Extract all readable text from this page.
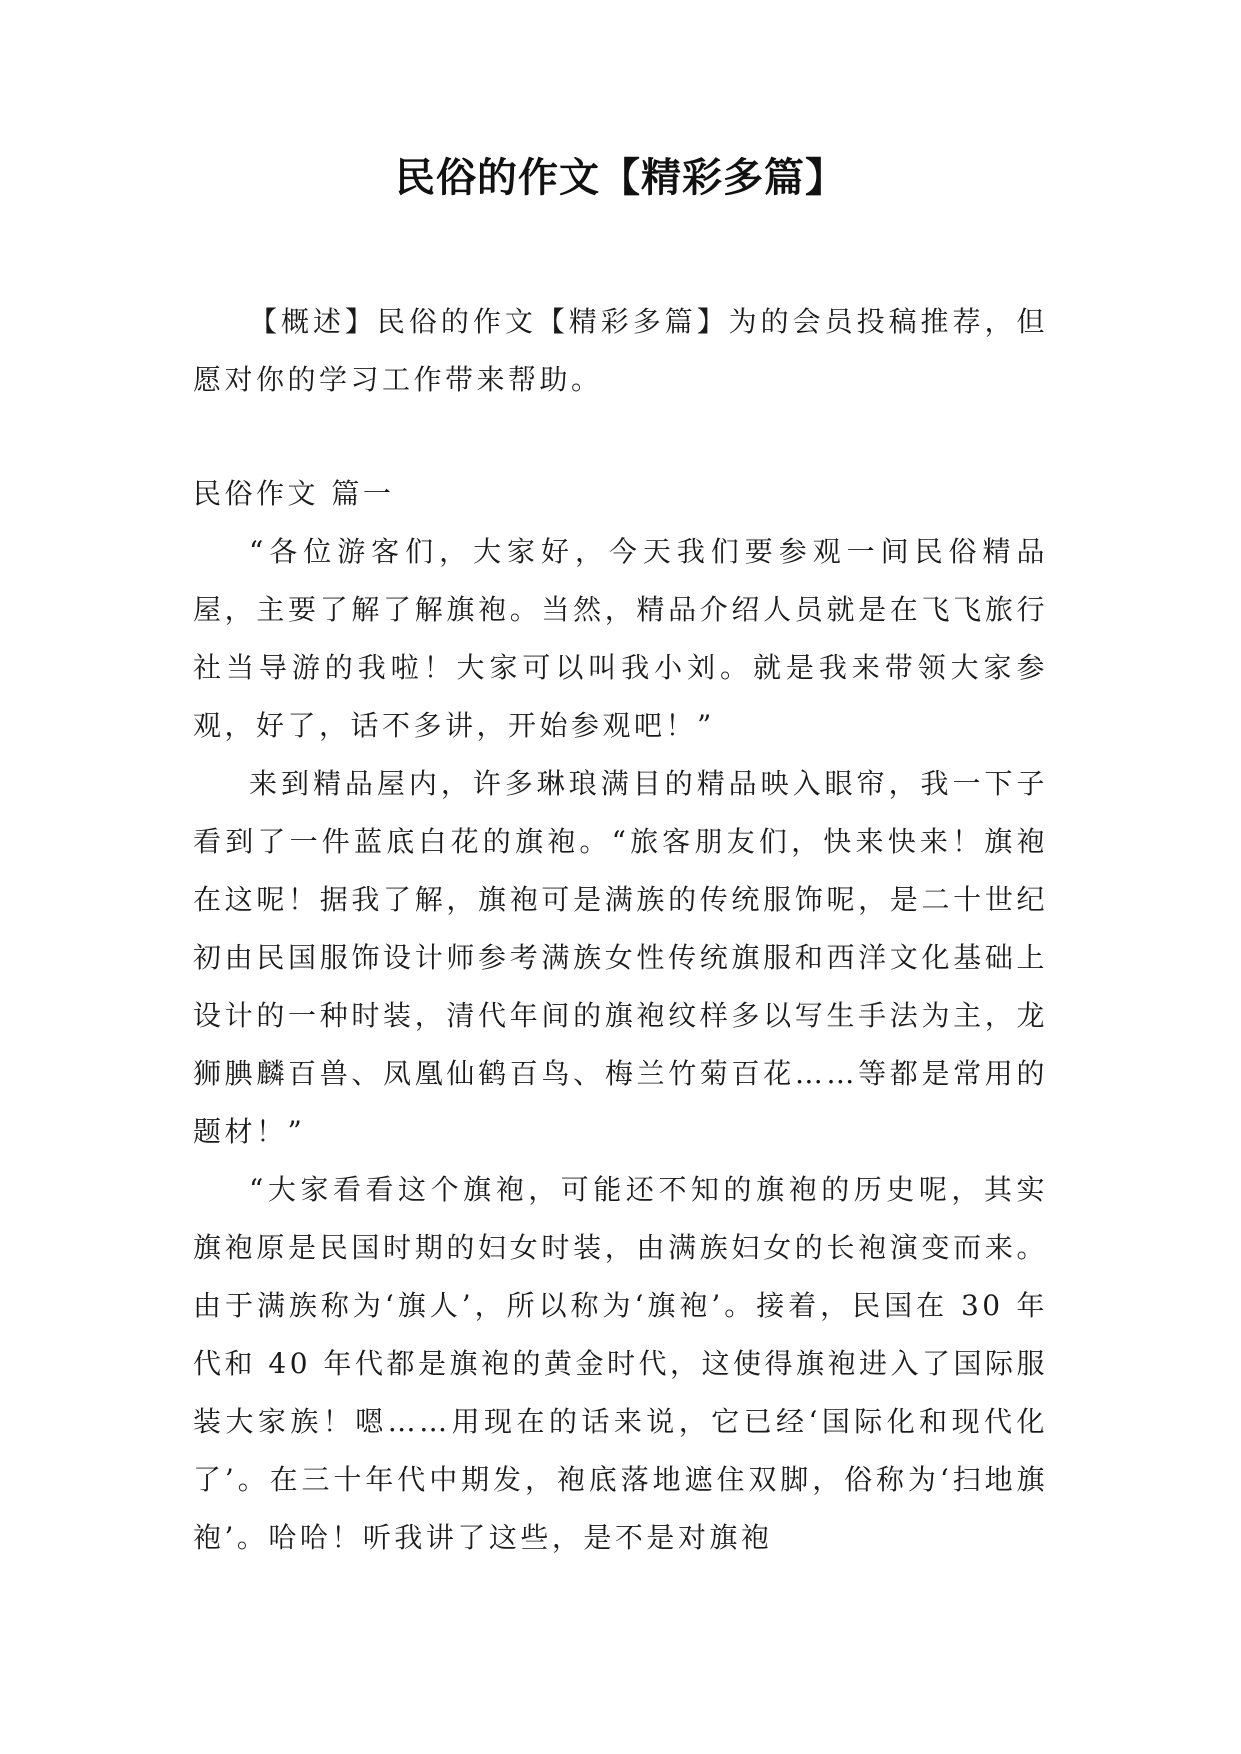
民俗的作文【精彩多篇】

【概述】民俗的作文【精彩多篇】为的会员投稿推荐，但愿对你的学习工作带来帮助。

民俗作文 篇一

“各位游客们，大家好，今天我们要参观一间民俗精品屋，主要了解了解旗袍。当然，精品介绍人员就是在飞飞旅行社当导游的我啦！大家可以叫我小刘。就是我来带领大家参观，好了，话不多讲，开始参观吧！”

来到精品屋内，许多琳琅满目的精品映入眼帘，我一下子看到了一件蓝底白花的旗袍。“旅客朋友们，快来快来！旗袍在这呢！据我了解，旗袍可是满族的传统服饰呢，是二十世纪初由民国服饰设计师参考满族女性传统旗服和西洋文化基础上设计的一种时装，清代年间的旗袍纹样多以写生手法为主，龙狮腆麟百兽、凤凰仙鹤百鸟、梅兰竹菊百花……等都是常用的题材！”

“大家看看这个旗袍，可能还不知的旗袍的历史呢，其实旗袍原是民国时期的妇女时装，由满族妇女的长袍演变而来。由于满族称为‘旗人’，所以称为‘旗袍’。接着，民国在 30 年代和 40 年代都是旗袍的黄金时代，这使得旗袍进入了国际服装大家族！嗯……用现在的话来说，它已经‘国际化和现代化了’。在三十年代中期发，袍底落地遮住双脚，俗称为‘扫地旗袍’。哈哈！听我讲了这些，是不是对旗袍
